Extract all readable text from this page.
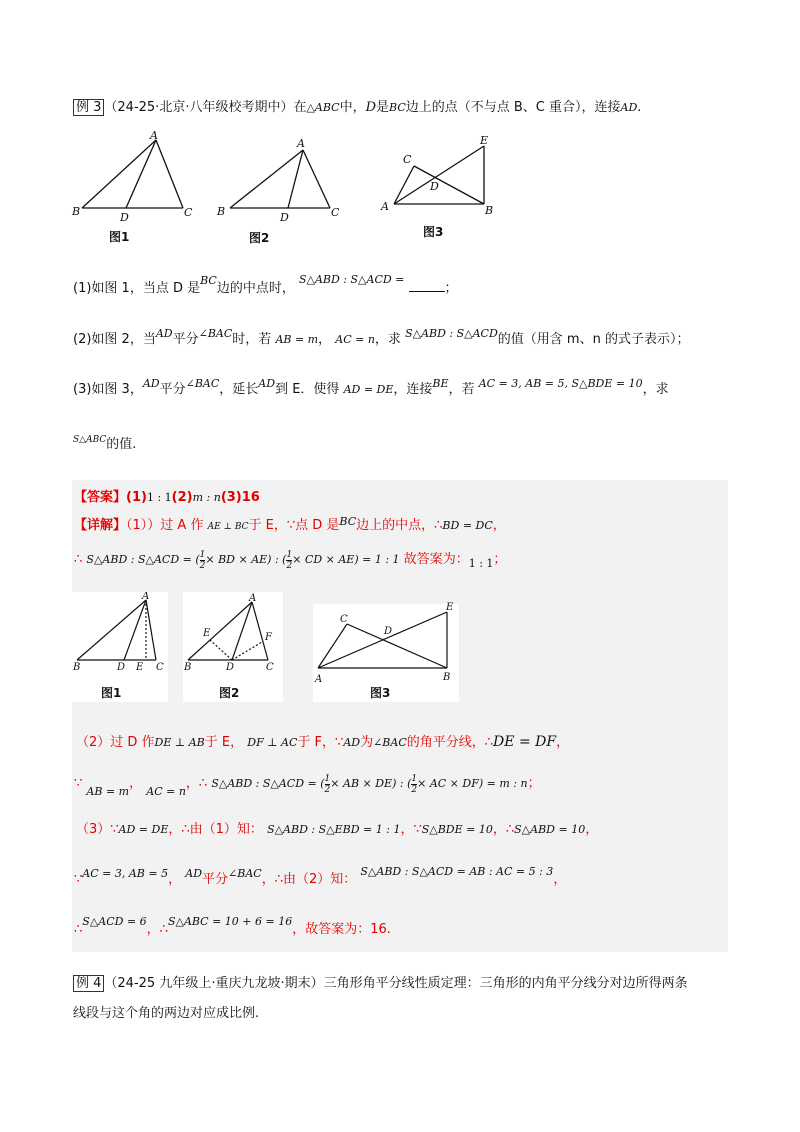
例 3 （24-25·北京·八年级校考期中）在△ABC中，D是BC边上的点（不与点 B、C 重合），连接AD.
A
B	D	C
A
B	D	C
E
C
D
A	B
图1	图2	图3
(1)如图 1，当点 D 是$^{BC}$边的中点时， $^{S\triangle ABD : S\triangle ACD =}$ ；
(2)如图 2，当$^{AD}$平分$^{\angle BAC}$时，若 AB = m， AC = n，求 $^{S\triangle ABD : S\triangle ACD}$的值（用含 m、n 的式子表示）；
(3)如图 3，$^{AD}$平分$^{\angle BAC}$，延长$^{AD}$到 E．使得 AD = DE，连接$^{BE}$，若 $^{AC = 3, AB = 5, S\triangle BDE = 10}$，求
$^{S\triangle ABC}$的值.
【答案】(1)1 : 1(2)m : n(3)16
【详解】（1））过 A 作 AE ⊥ BC于 E，∵点 D 是$^{BC}$边上的中点，∴BD = DC，
∴ S△ABD : S△ACD = ( $\frac{1}{2}$ × BD × AE) : ( $\frac{1}{2}$ × CD × AE) = 1 : 1 故答案为：$_{1 : 1}$；
A
B	D E C
A
E	F
B	D	C
E
C
D
A	B
图1	图2	图3
（2）过 D 作DE ⊥ AB于 E， DF ⊥ AC于 F，∵AD为∠BAC的角平分线，∴DE = DF，
∵ $_{AB = m}$， $_{AC = n}$，∴ S△ABD : S△ACD = ( $\frac{1}{2}$ × AB × DE) : ( $\frac{1}{2}$ × AC × DF) = m : n；
（3）∵AD = DE，∴由（1）知： S△ABD : S△EBD = 1 : 1，∵S△BDE = 10，∴S△ABD = 10，
∵$^{AC = 3, AB = 5}$， $^{AD}$平分$^{\angle BAC}$，∴由（2）知： $^{S\triangle ABD : S\triangle ACD = AB : AC = 5 : 3}$，
∴$^{S\triangle ACD = 6}$，∴$^{S\triangle ABC = 10 + 6 = 16}$，故答案为：16.
例 4 （24-25 九年级上·重庆九龙坡·期末）三角形角平分线性质定理：三角形的内角平分线分对边所得两条
线段与这个角的两边对应成比例.
